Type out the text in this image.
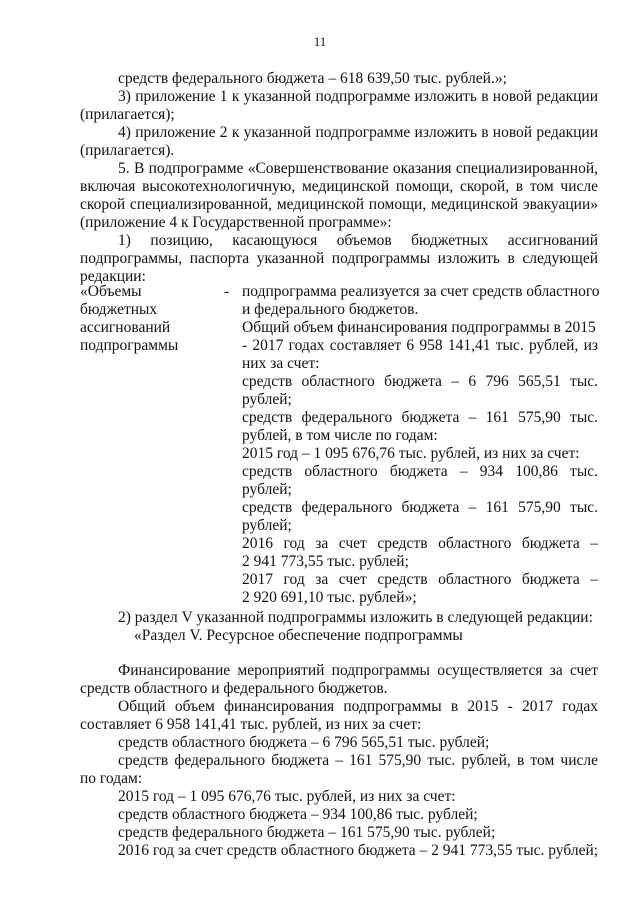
11
средств федерального бюджета – 618 639,50 тыс. рублей.»;
3) приложение 1 к указанной подпрограмме изложить в новой редакции
(прилагается);
4) приложение 2 к указанной подпрограмме изложить в новой редакции
(прилагается).
5. В подпрограмме «Совершенствование оказания специализированной,
включая высокотехнологичную, медицинской помощи, скорой, в том числе
скорой специализированной, медицинской помощи, медицинской эвакуации»
(приложение 4 к Государственной программе»:
1) позицию, касающуюся объемов бюджетных ассигнований
подпрограммы, паспорта указанной подпрограммы изложить в следующей
редакции:
«Объемы
бюджетных
ассигнований
подпрограммы
- подпрограмма реализуется за счет средств областного
и федерального бюджетов.
Общий объем финансирования подпрограммы в 2015
- 2017 годах составляет 6 958 141,41 тыс. рублей, из
них за счет:
средств областного бюджета – 6 796 565,51 тыс.
рублей;
средств федерального бюджета – 161 575,90 тыс.
рублей, в том числе по годам:
2015 год – 1 095 676,76 тыс. рублей, из них за счет:
средств областного бюджета – 934 100,86 тыс.
рублей;
средств федерального бюджета – 161 575,90 тыс.
рублей;
2016 год за счет средств областного бюджета –
2 941 773,55 тыс. рублей;
2017 год за счет средств областного бюджета –
2 920 691,10 тыс. рублей»;
2) раздел V указанной подпрограммы изложить в следующей редакции:
«Раздел V. Ресурсное обеспечение подпрограммы
Финансирование мероприятий подпрограммы осуществляется за счет
средств областного и федерального бюджетов.
Общий объем финансирования подпрограммы в 2015 - 2017 годах
составляет 6 958 141,41 тыс. рублей, из них за счет:
средств областного бюджета – 6 796 565,51 тыс. рублей;
средств федерального бюджета – 161 575,90 тыс. рублей, в том числе
по годам:
2015 год – 1 095 676,76 тыс. рублей, из них за счет:
средств областного бюджета – 934 100,86 тыс. рублей;
средств федерального бюджета – 161 575,90 тыс. рублей;
2016 год за счет средств областного бюджета – 2 941 773,55 тыс. рублей;
